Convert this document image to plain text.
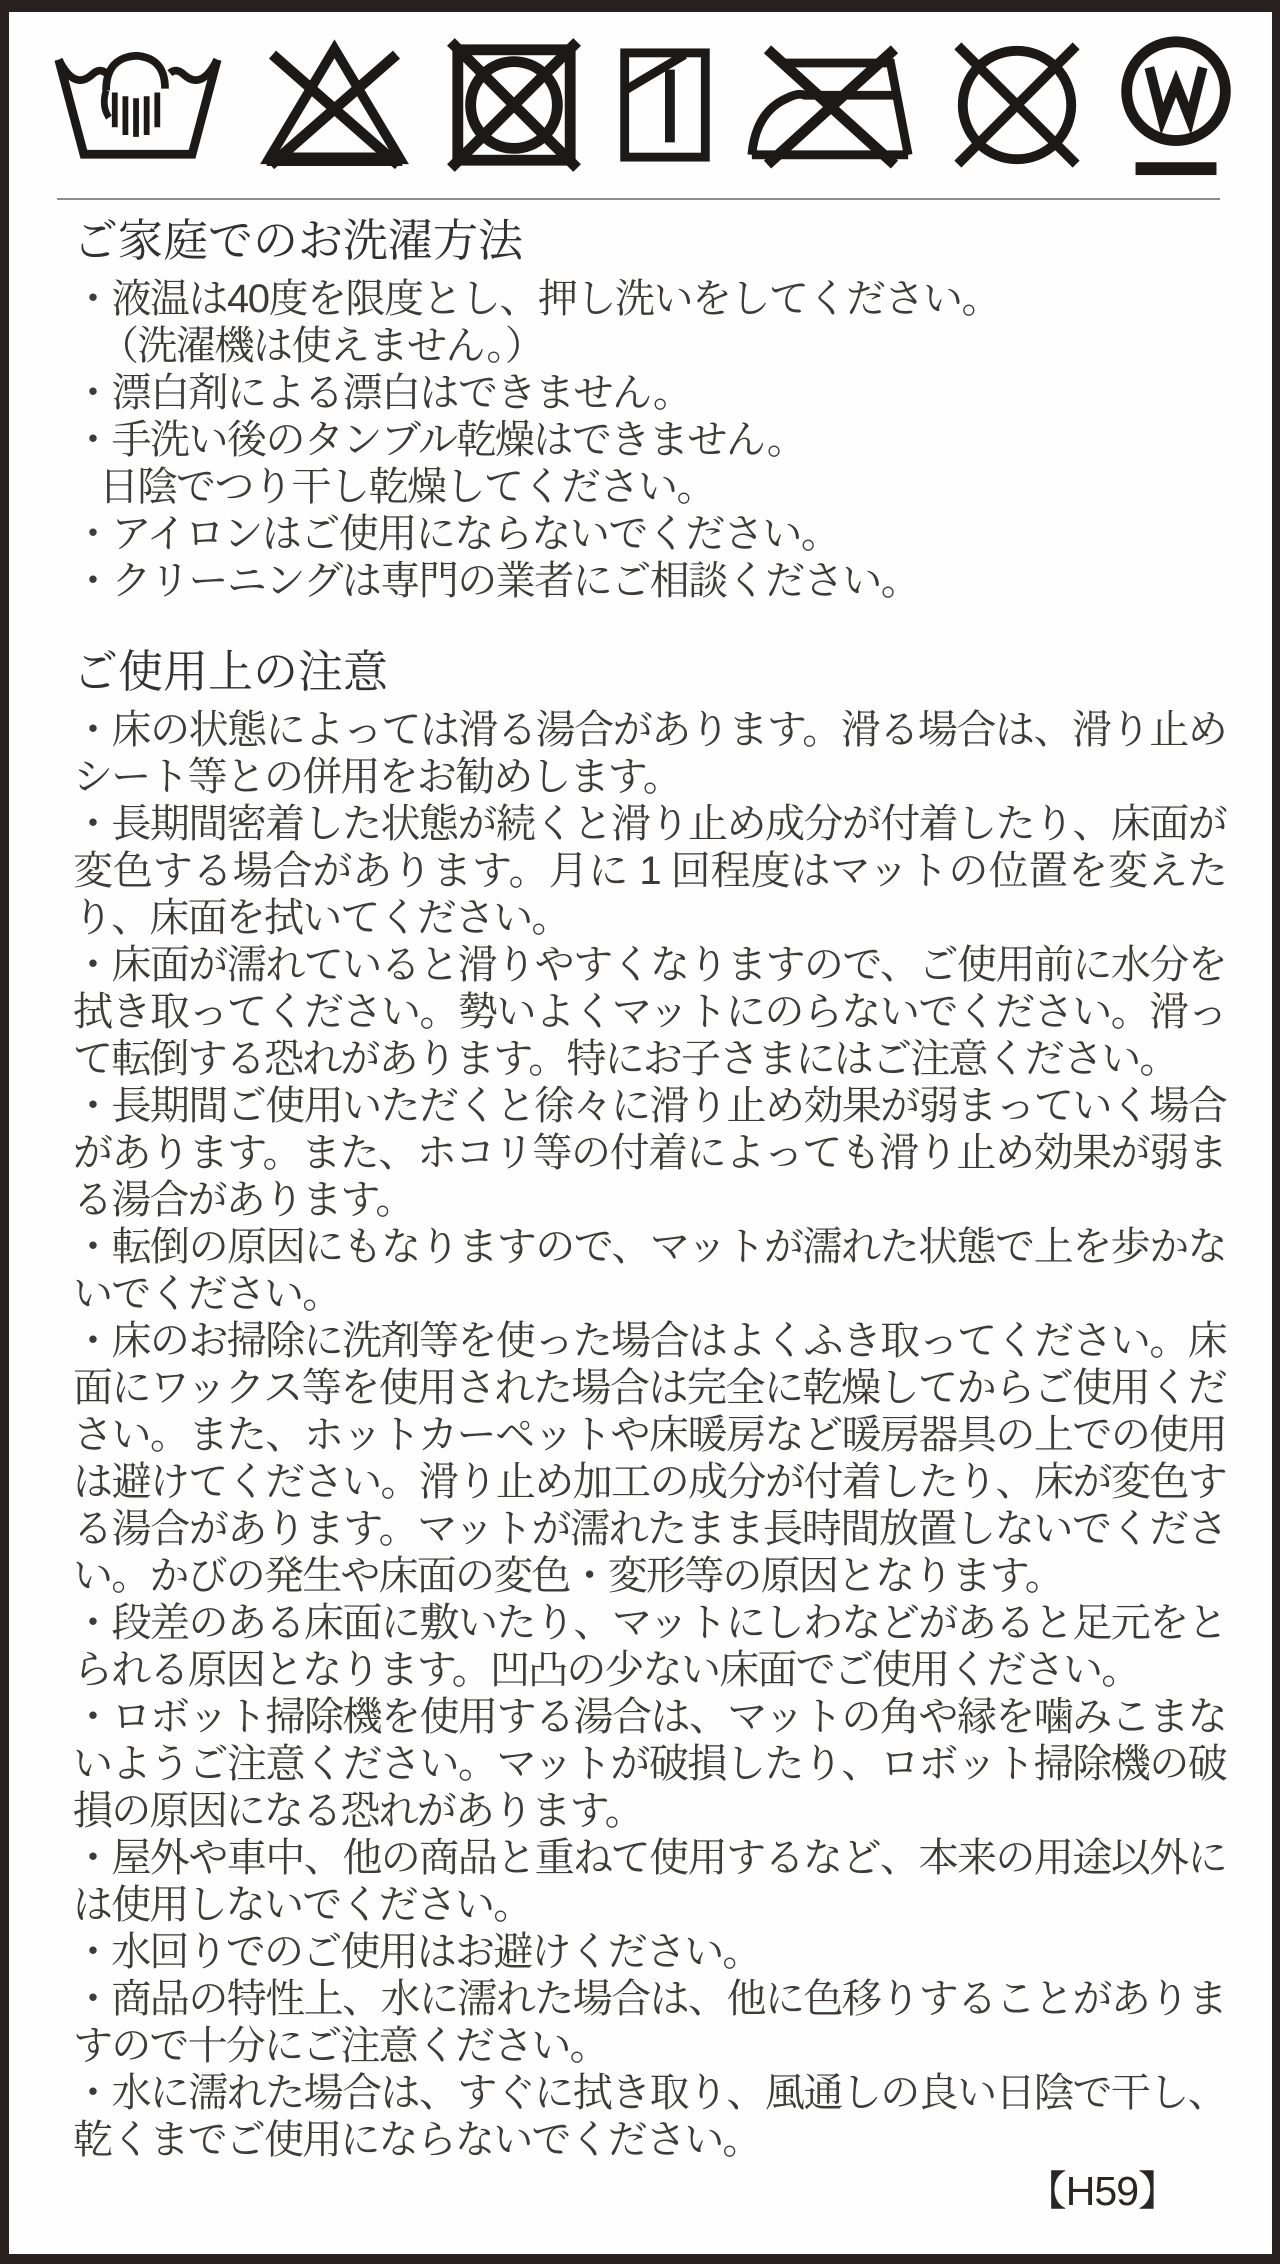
ご家庭でのお洗濯方法
・液温は40度を限度とし、押し洗いをしてください。
（洗濯機は使えません。）
・漂白剤による漂白はできません。
・手洗い後のタンブル乾燥はできません。
日陰でつり干し乾燥してください。
・アイロンはご使用にならないでください。
・クリーニングは専門の業者にご相談ください。
ご使用上の注意

・床の状態によっては滑る湯合があります。滑る場合は、滑り止めシート等との併用をお勧めします。

・長期間密着した状態が続くと滑り止め成分が付着したり、床面が変色する場合があります。月に 1 回程度はマットの位置を変えたり、床面を拭いてください。

・床面が濡れていると滑りやすくなりますので、ご使用前に水分を拭き取ってください。勢いよくマットにのらないでください。滑って転倒する恐れがあります。特にお子さまにはご注意ください。

・長期間ご使用いただくと徐々に滑り止め効果が弱まっていく場合があります。また、ホコリ等の付着によっても滑り止め効果が弱まる湯合があります。

・転倒の原因にもなりますので、マットが濡れた状態で上を歩かないでください。

・床のお掃除に洗剤等を使った場合はよくふき取ってください。床面にワックス等を使用された場合は完全に乾燥してからご使用ください。また、ホットカーペットや床暖房など暖房器具の上での使用は避けてください。滑り止め加工の成分が付着したり、床が変色する湯合があります。マットが濡れたまま長時間放置しないでください。かびの発生や床面の変色・変形等の原因となります。

・段差のある床面に敷いたり、マットにしわなどがあると足元をとられる原因となります。凹凸の少ない床面でご使用ください。

・ロボット掃除機を使用する湯合は、マットの角や縁を噛みこまないようご注意ください。マットが破損したり、ロボット掃除機の破損の原因になる恐れがあります。

・屋外や車中、他の商品と重ねて使用するなど、本来の用途以外には使用しないでください。

・水回りでのご使用はお避けください。

・商品の特性上、水に濡れた場合は、他に色移りすることがありますので十分にご注意ください。

・水に濡れた場合は、すぐに拭き取り、風通しの良い日陰で干し、乾くまでご使用にならないでください。

【H59】
